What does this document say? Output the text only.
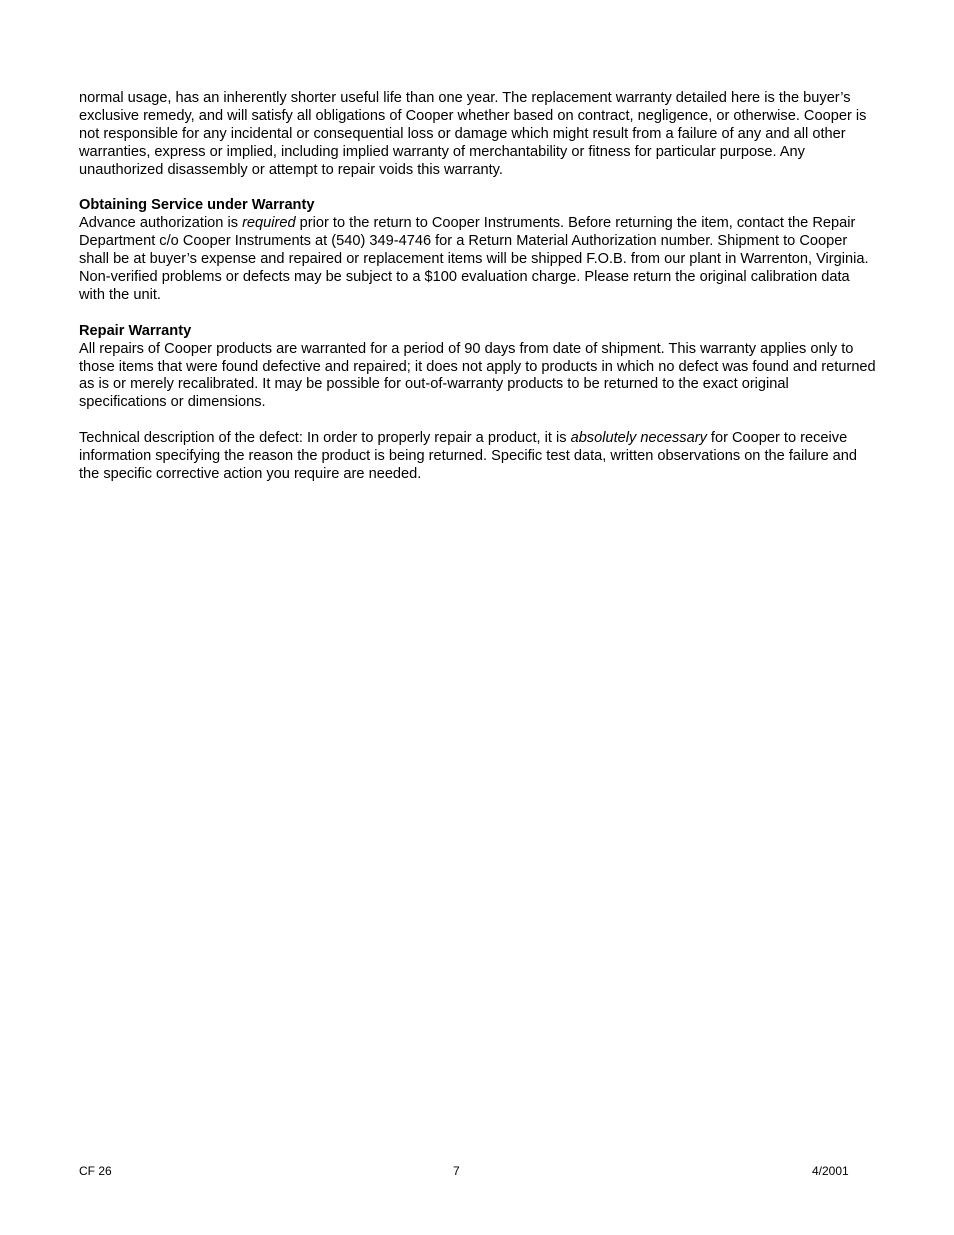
normal usage, has an inherently shorter useful life than one year. The replacement warranty detailed here is the buyer’s exclusive remedy, and will satisfy all obligations of Cooper whether based on contract, negligence, or otherwise. Cooper is not responsible for any incidental or consequential loss or damage which might result from a failure of any and all other warranties, express or implied, including implied warranty of merchantability or fitness for particular purpose. Any unauthorized disassembly or attempt to repair voids this warranty.

Obtaining Service under Warranty

Advance authorization is required prior to the return to Cooper Instruments. Before returning the item, contact the Repair Department c/o Cooper Instruments at (540) 349-4746 for a Return Material Authorization number. Shipment to Cooper shall be at buyer’s expense and repaired or replacement items will be shipped F.O.B. from our plant in Warrenton, Virginia. Non-verified problems or defects may be subject to a $100 evaluation charge. Please return the original calibration data with the unit.

Repair Warranty

All repairs of Cooper products are warranted for a period of 90 days from date of shipment. This warranty applies only to those items that were found defective and repaired; it does not apply to products in which no defect was found and returned as is or merely recalibrated. It may be possible for out-of-warranty products to be returned to the exact original specifications or dimensions.

Technical description of the defect: In order to properly repair a product, it is absolutely necessary for Cooper to receive information specifying the reason the product is being returned. Specific test data, written observations on the failure and the specific corrective action you require are needed.

CF 26	7	4/2001
